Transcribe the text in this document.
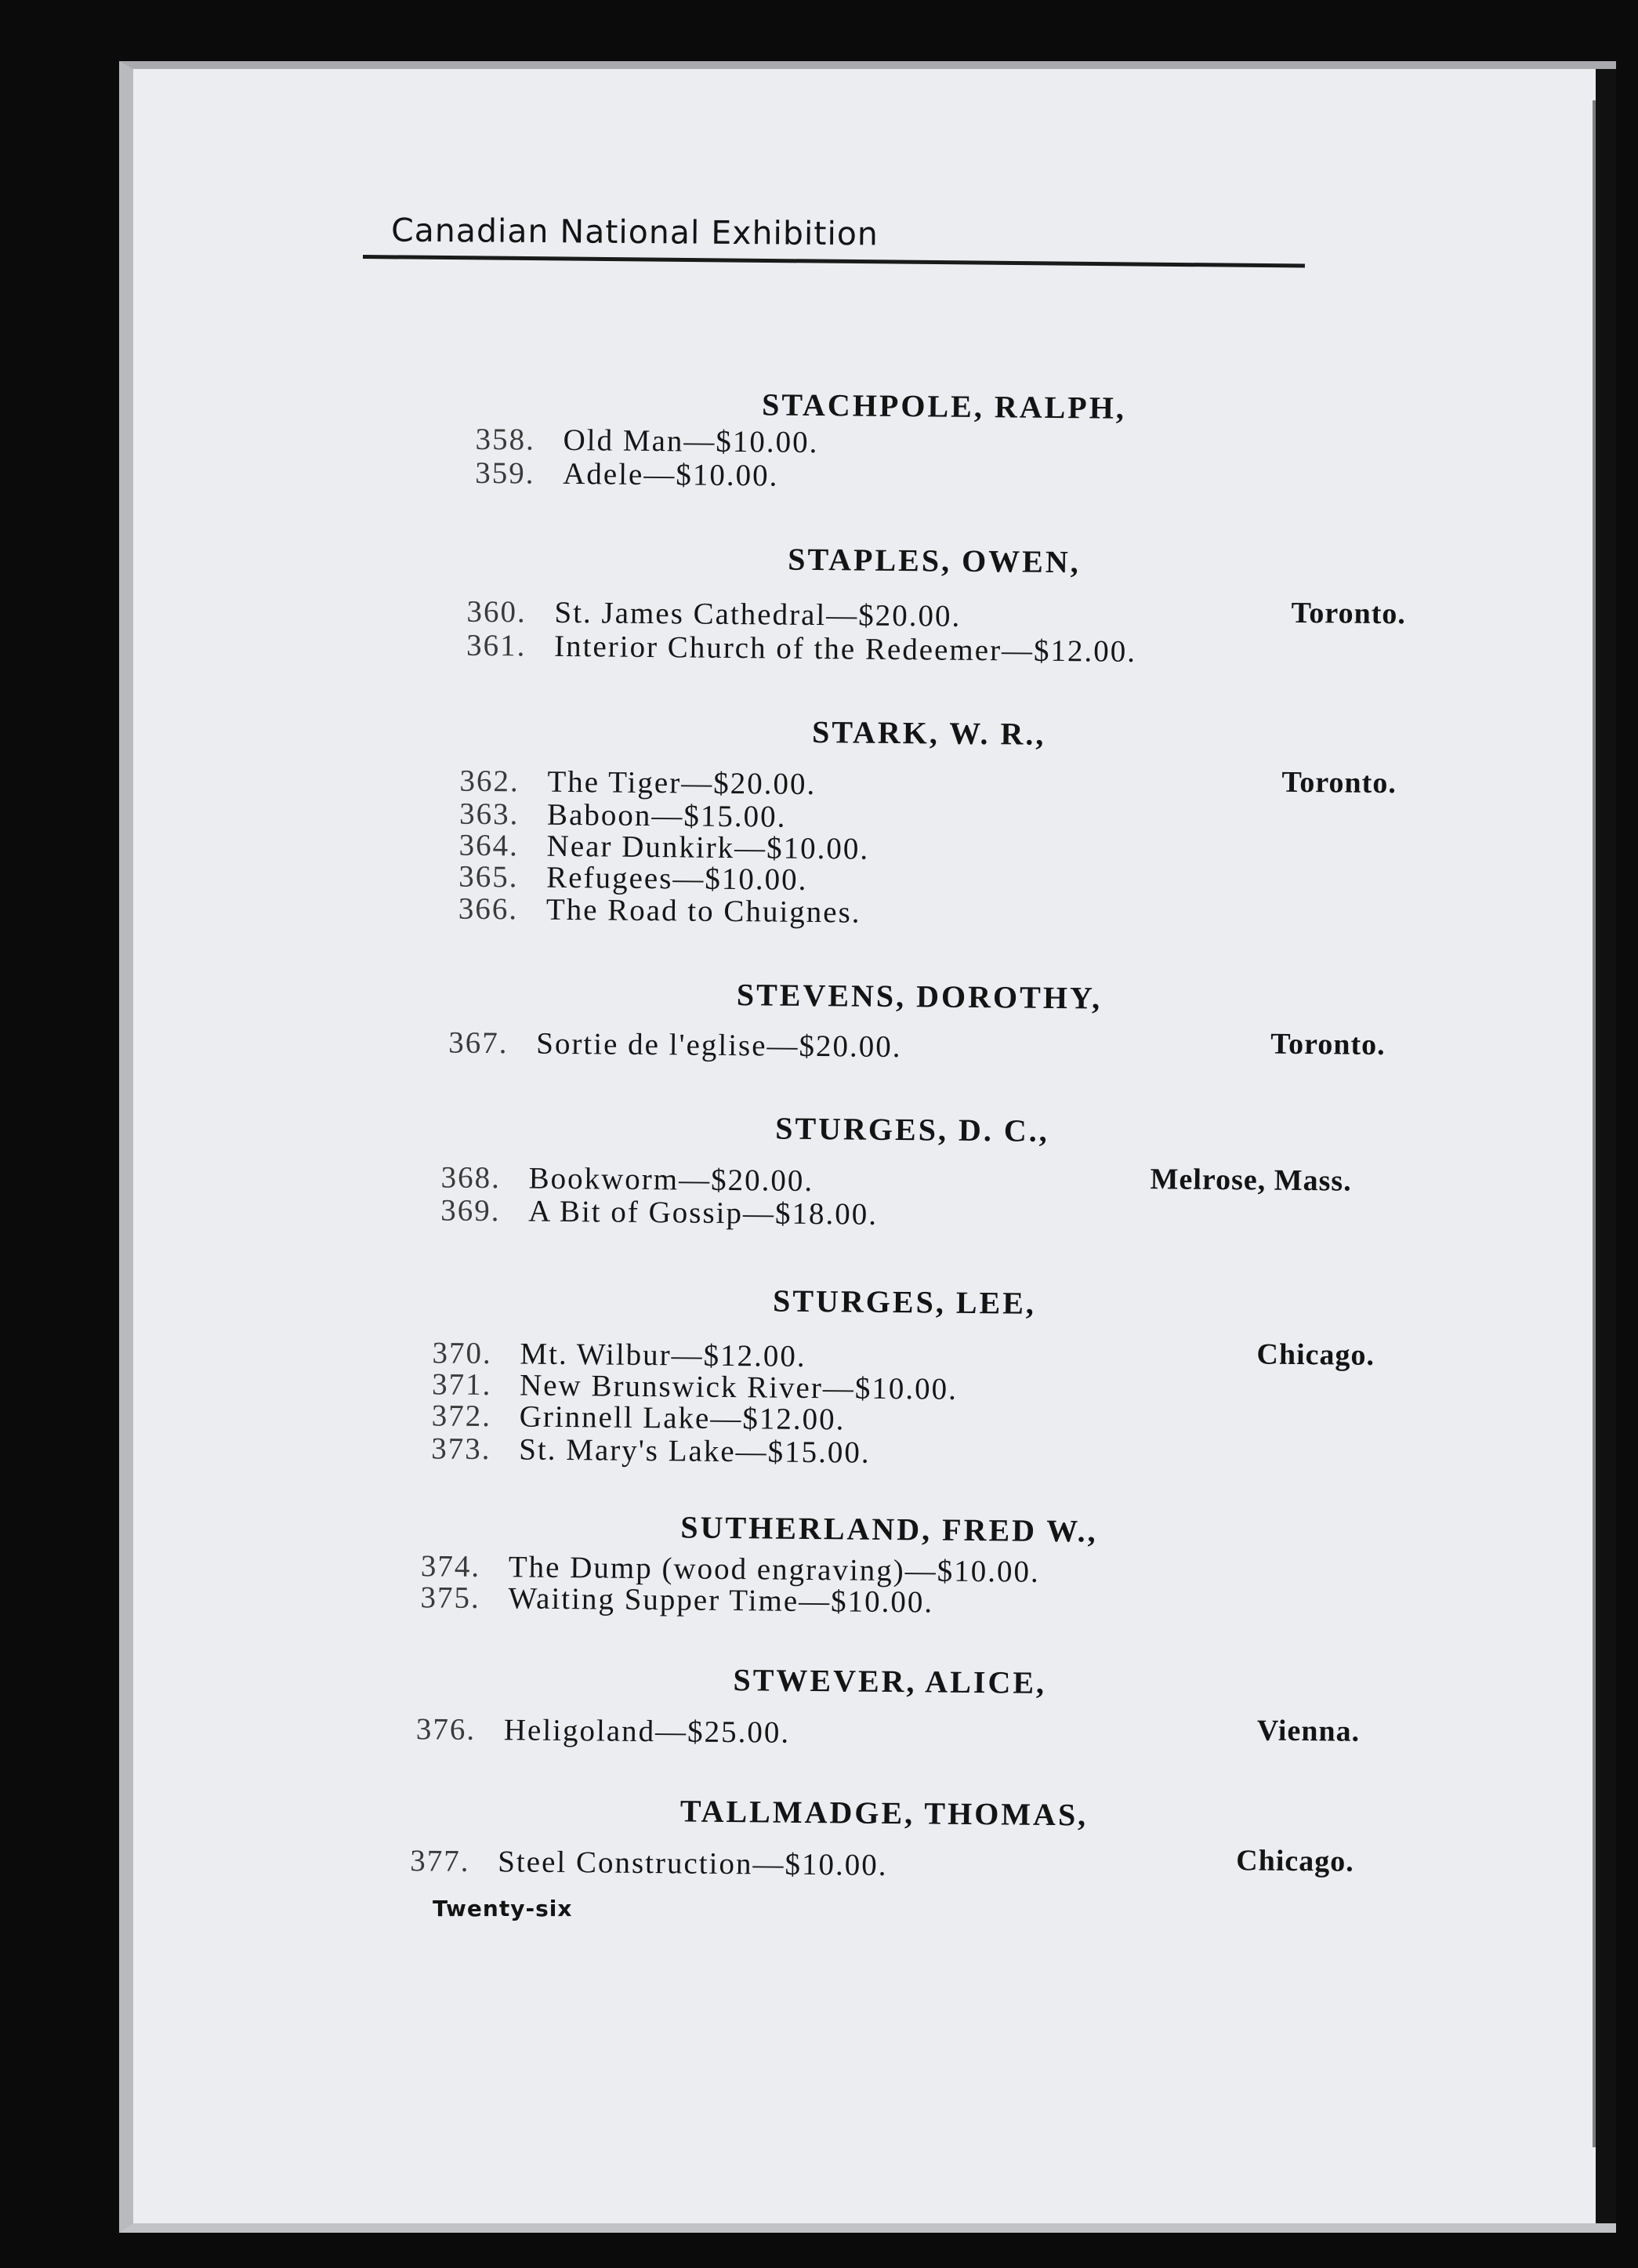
Canadian National Exhibition
STACHPOLE, RALPH,
358. Old Man—$10.00.
359. Adele—$10.00.
STAPLES, OWEN,
Toronto.
360. St. James Cathedral—$20.00.
361. Interior Church of the Redeemer—$12.00.
STARK, W. R.,
Toronto.
362. The Tiger—$20.00.
363. Baboon—$15.00.
364. Near Dunkirk—$10.00.
365. Refugees—$10.00.
366. The Road to Chuignes.
STEVENS, DOROTHY,
Toronto.
367. Sortie de l'eglise—$20.00.
STURGES, D. C.,
Melrose, Mass.
368. Bookworm—$20.00.
369. A Bit of Gossip—$18.00.
STURGES, LEE,
Chicago.
370. Mt. Wilbur—$12.00.
371. New Brunswick River—$10.00.
372. Grinnell Lake—$12.00.
373. St. Mary's Lake—$15.00.
SUTHERLAND, FRED W.,
374. The Dump (wood engraving)—$10.00.
375. Waiting Supper Time—$10.00.
STWEVER, ALICE,
Vienna.
376. Heligoland—$25.00.
TALLMADGE, THOMAS,
Chicago.
377. Steel Construction—$10.00.
Twenty-six
